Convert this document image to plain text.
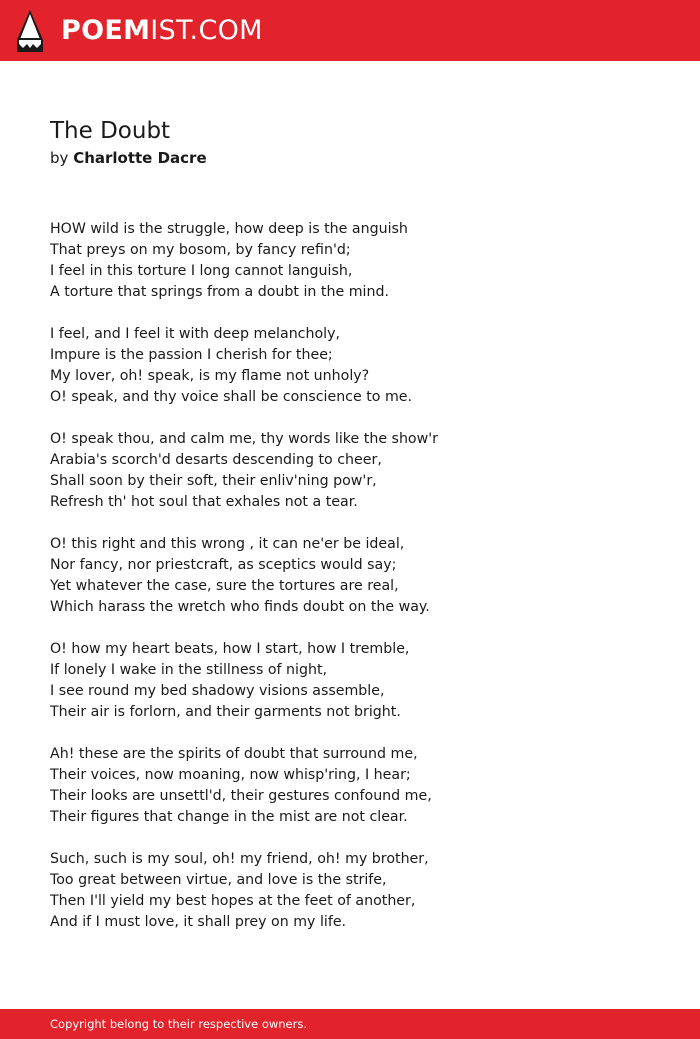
POEMIST.COM
The Doubt
by Charlotte Dacre
HOW wild is the struggle, how deep is the anguish
That preys on my bosom, by fancy refin'd;
I feel in this torture I long cannot languish,
A torture that springs from a doubt in the mind.
I feel, and I feel it with deep melancholy,
Impure is the passion I cherish for thee;
My lover, oh! speak, is my flame not unholy?
O! speak, and thy voice shall be conscience to me.
O! speak thou, and calm me, thy words like the show'r
Arabia's scorch'd desarts descending to cheer,
Shall soon by their soft, their enliv'ning pow'r,
Refresh th' hot soul that exhales not a tear.
O! this right and this wrong , it can ne'er be ideal,
Nor fancy, nor priestcraft, as sceptics would say;
Yet whatever the case, sure the tortures are real,
Which harass the wretch who finds doubt on the way.
O! how my heart beats, how I start, how I tremble,
If lonely I wake in the stillness of night,
I see round my bed shadowy visions assemble,
Their air is forlorn, and their garments not bright.
Ah! these are the spirits of doubt that surround me,
Their voices, now moaning, now whisp'ring, I hear;
Their looks are unsettl'd, their gestures confound me,
Their figures that change in the mist are not clear.
Such, such is my soul, oh! my friend, oh! my brother,
Too great between virtue, and love is the strife,
Then I'll yield my best hopes at the feet of another,
And if I must love, it shall prey on my life.
Copyright belong to their respective owners.
